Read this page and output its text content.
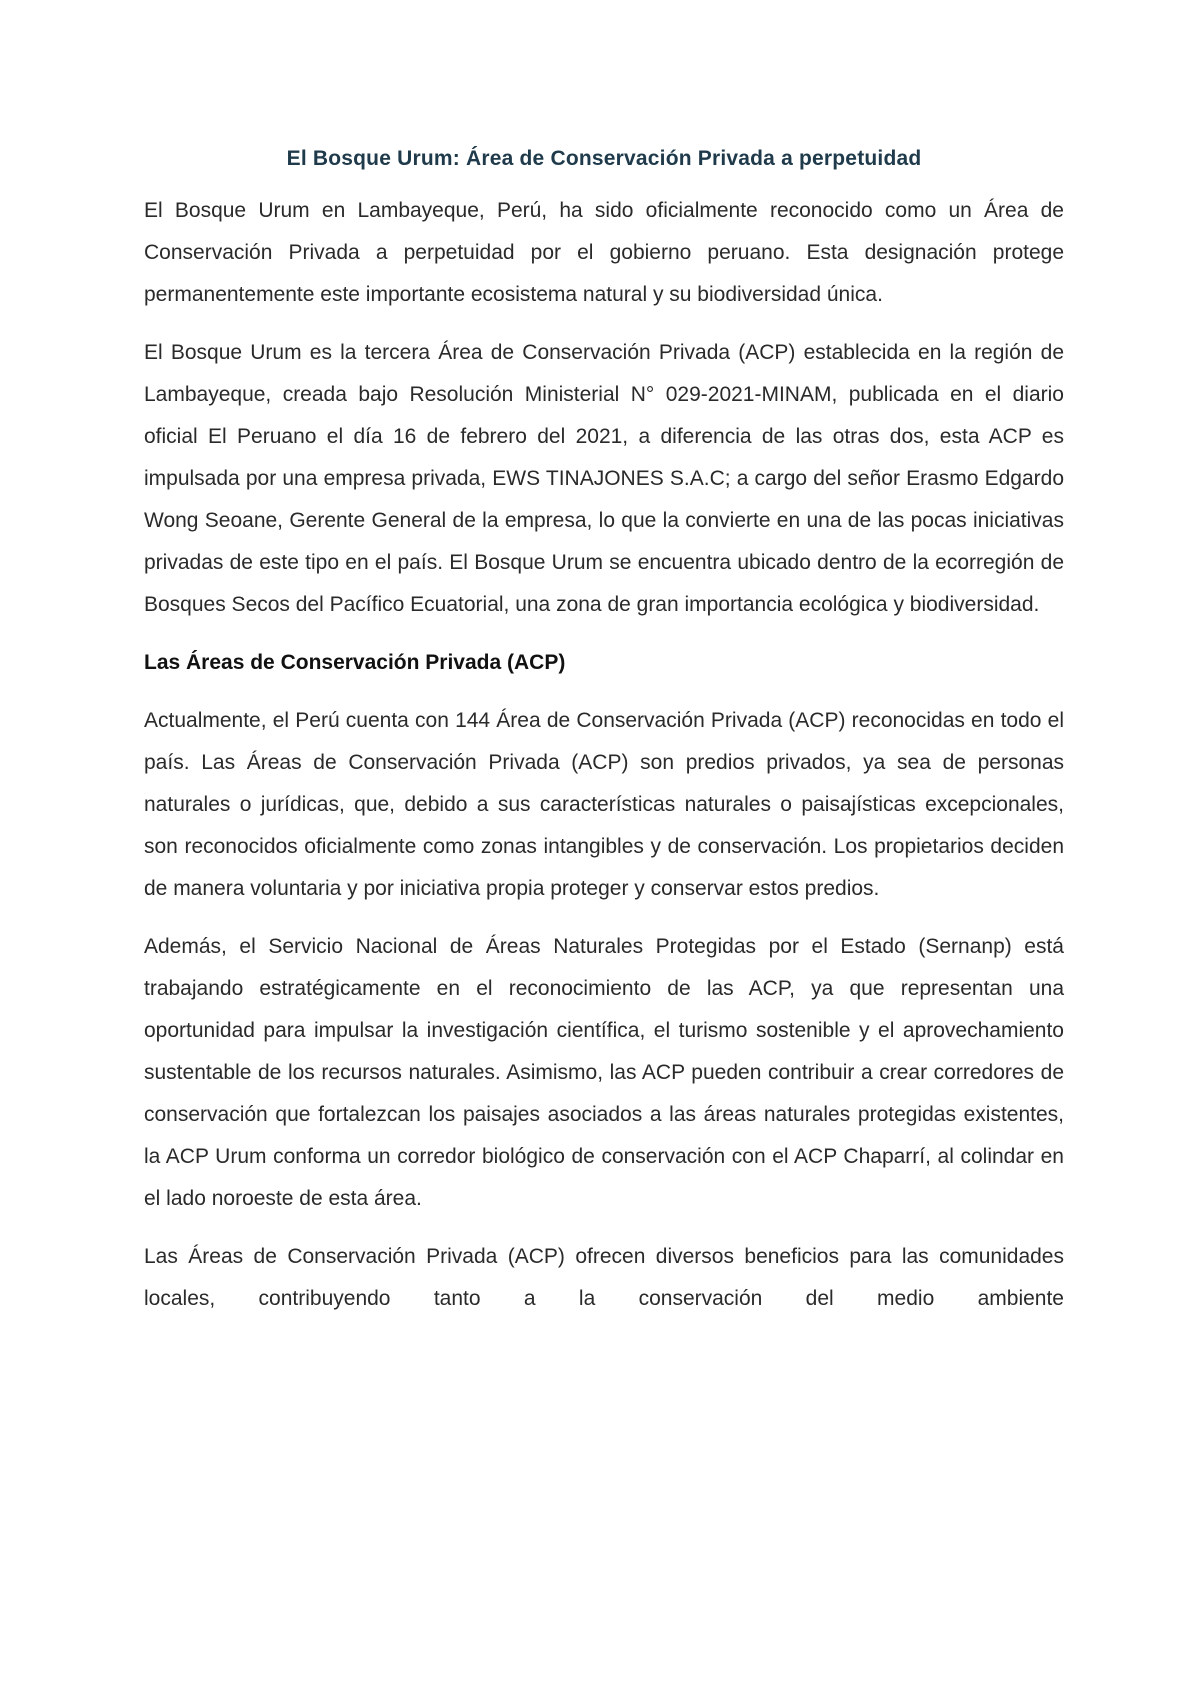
El Bosque Urum: Área de Conservación Privada a perpetuidad

El Bosque Urum en Lambayeque, Perú, ha sido oficialmente reconocido como un Área de Conservación Privada a perpetuidad por el gobierno peruano. Esta designación protege permanentemente este importante ecosistema natural y su biodiversidad única.

El Bosque Urum es la tercera Área de Conservación Privada (ACP) establecida en la región de Lambayeque, creada bajo Resolución Ministerial N° 029-2021-MINAM, publicada en el diario oficial El Peruano el día 16 de febrero del 2021, a diferencia de las otras dos, esta ACP es impulsada por una empresa privada, EWS TINAJONES S.A.C; a cargo del señor Erasmo Edgardo Wong Seoane, Gerente General de la empresa, lo que la convierte en una de las pocas iniciativas privadas de este tipo en el país. El Bosque Urum se encuentra ubicado dentro de la ecorregión de Bosques Secos del Pacífico Ecuatorial, una zona de gran importancia ecológica y biodiversidad.

Las Áreas de Conservación Privada (ACP)

Actualmente, el Perú cuenta con 144 Área de Conservación Privada (ACP) reconocidas en todo el país. Las Áreas de Conservación Privada (ACP) son predios privados, ya sea de personas naturales o jurídicas, que, debido a sus características naturales o paisajísticas excepcionales, son reconocidos oficialmente como zonas intangibles y de conservación. Los propietarios deciden de manera voluntaria y por iniciativa propia proteger y conservar estos predios.

Además, el Servicio Nacional de Áreas Naturales Protegidas por el Estado (Sernanp) está trabajando estratégicamente en el reconocimiento de las ACP, ya que representan una oportunidad para impulsar la investigación científica, el turismo sostenible y el aprovechamiento sustentable de los recursos naturales. Asimismo, las ACP pueden contribuir a crear corredores de conservación que fortalezcan los paisajes asociados a las áreas naturales protegidas existentes, la ACP Urum conforma un corredor biológico de conservación con el ACP Chaparrí, al colindar en el lado noroeste de esta área.

Las Áreas de Conservación Privada (ACP) ofrecen diversos beneficios para las comunidades locales, contribuyendo tanto a la conservación del medio ambiente
